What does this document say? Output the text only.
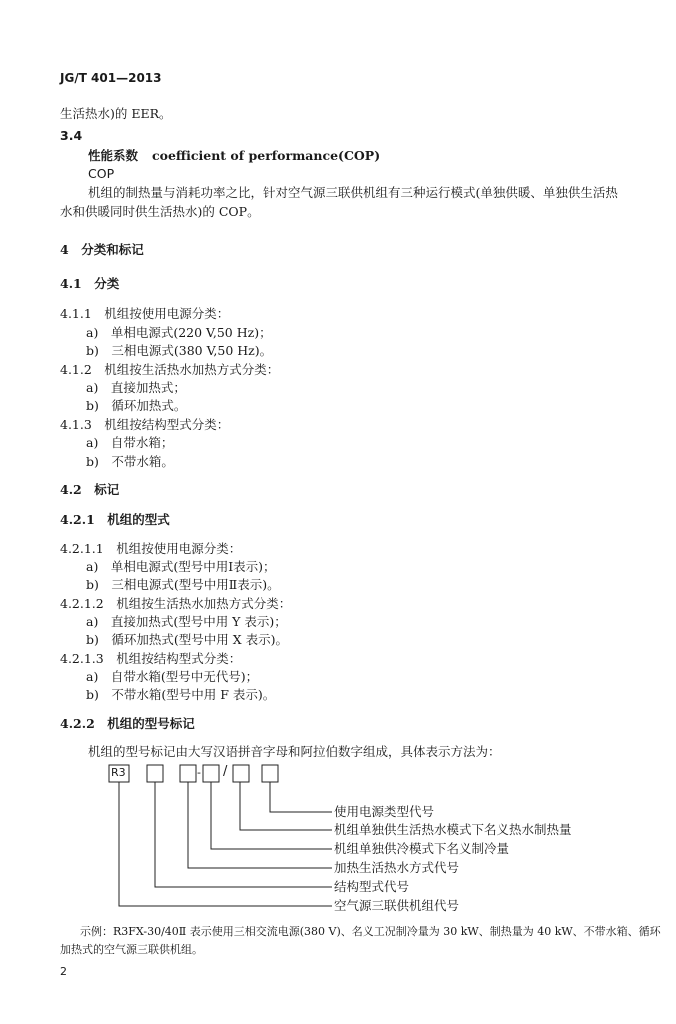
JG/T 401—2013
生活热水)的 EER。
3.4
性能系数 coefficient of performance(COP)
COP
机组的制热量与消耗功率之比，针对空气源三联供机组有三种运行模式(单独供暖、单独供生活热
水和供暖同时供生活热水)的 COP。
4　分类和标记
4.1　分类
4.1.1　机组按使用电源分类：
a)　单相电源式(220 V,50 Hz)；
b)　三相电源式(380 V,50 Hz)。
4.1.2　机组按生活热水加热方式分类：
a)　直接加热式；
b)　循环加热式。
4.1.3　机组按结构型式分类：
a)　自带水箱；
b)　不带水箱。
4.2　标记
4.2.1　机组的型式
4.2.1.1　机组按使用电源分类：
a)　单相电源式(型号中用Ⅰ表示)；
b)　三相电源式(型号中用Ⅱ表示)。
4.2.1.2　机组按生活热水加热方式分类：
a)　直接加热式(型号中用 Y 表示)；
b)　循环加热式(型号中用 X 表示)。
4.2.1.3　机组按结构型式分类：
a)　自带水箱(型号中无代号)；
b)　不带水箱(型号中用 F 表示)。
4.2.2　机组的型号标记
机组的型号标记由大写汉语拼音字母和阿拉伯数字组成，具体表示方法为：
R3	- /
使用电源类型代号
机组单独供生活热水模式下名义热水制热量
机组单独供冷模式下名义制冷量
加热生活热水方式代号
结构型式代号
空气源三联供机组代号
示例：R3FX-30/40Ⅱ 表示使用三相交流电源(380 V)、名义工况制冷量为 30 kW、制热量为 40 kW、不带水箱、循环
加热式的空气源三联供机组。
2
